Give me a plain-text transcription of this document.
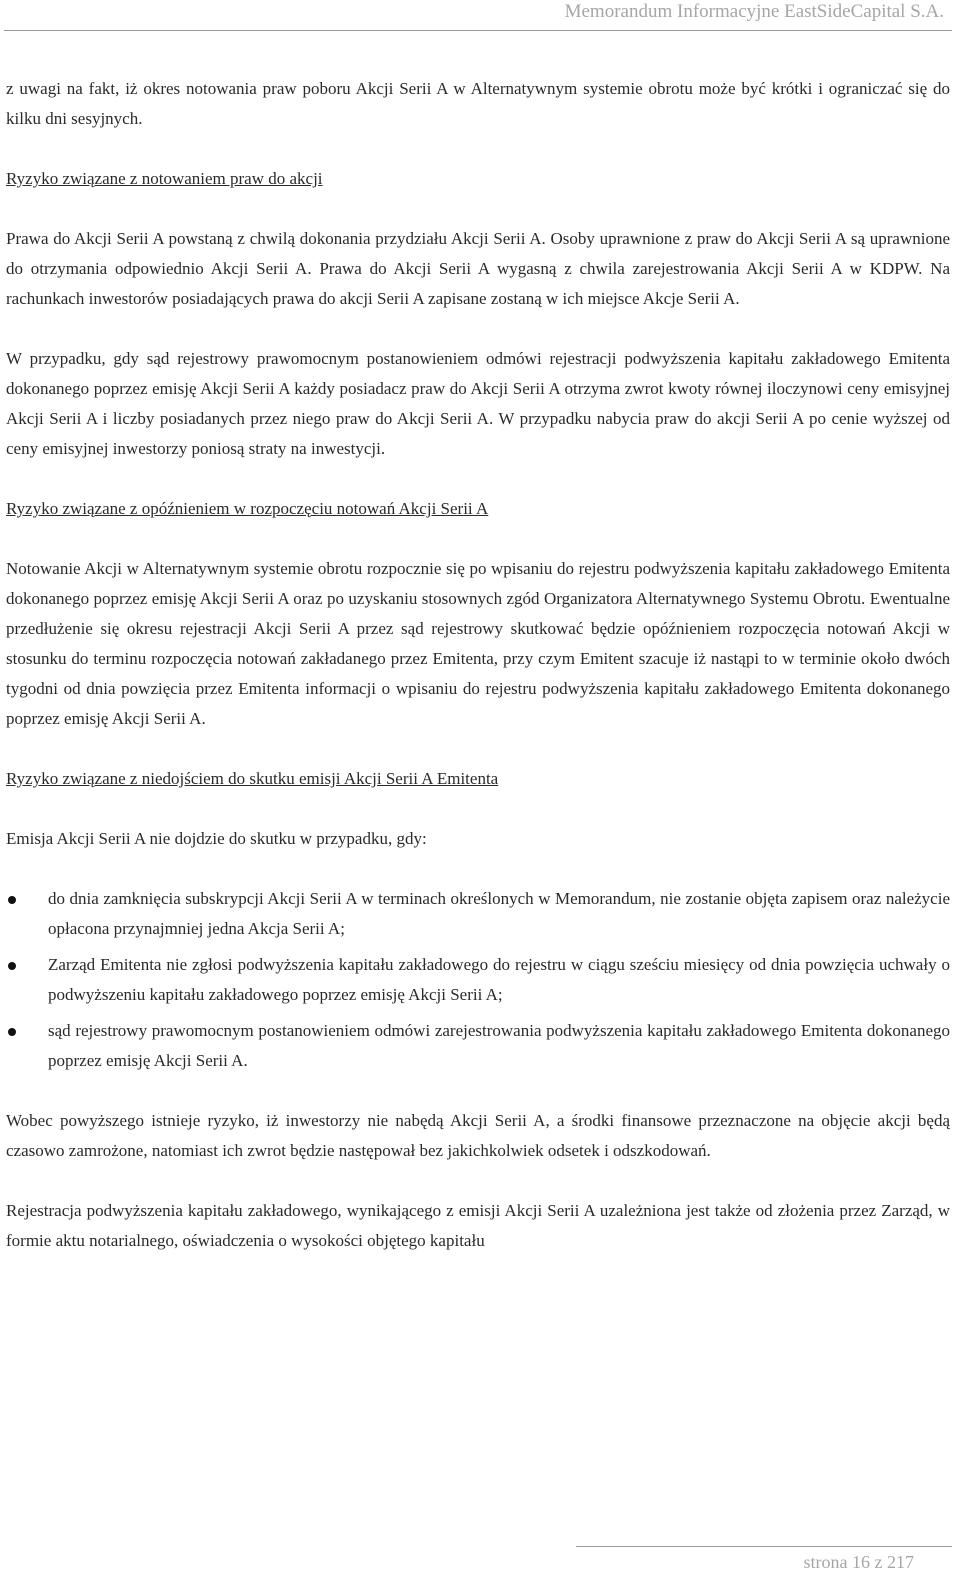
Memorandum Informacyjne EastSideCapital S.A.

z uwagi na fakt, iż okres notowania praw poboru Akcji Serii A w Alternatywnym systemie obrotu może być krótki i ograniczać się do kilku dni sesyjnych.

Ryzyko związane z notowaniem praw do akcji

Prawa do Akcji Serii A powstaną z chwilą dokonania przydziału Akcji Serii A. Osoby uprawnione z praw do Akcji Serii A są uprawnione do otrzymania odpowiednio Akcji Serii A. Prawa do Akcji Serii A wygasną z chwila zarejestrowania Akcji Serii A w KDPW. Na rachunkach inwestorów posiadających prawa do akcji Serii A zapisane zostaną w ich miejsce Akcje Serii A.

W przypadku, gdy sąd rejestrowy prawomocnym postanowieniem odmówi rejestracji podwyższenia kapitału zakładowego Emitenta dokonanego poprzez emisję Akcji Serii A każdy posiadacz praw do Akcji Serii A otrzyma zwrot kwoty równej iloczynowi ceny emisyjnej Akcji Serii A i liczby posiadanych przez niego praw do Akcji Serii A. W przypadku nabycia praw do akcji Serii A po cenie wyższej od ceny emisyjnej inwestorzy poniosą straty na inwestycji.

Ryzyko związane z opóźnieniem w rozpoczęciu notowań Akcji Serii A

Notowanie Akcji w Alternatywnym systemie obrotu rozpocznie się po wpisaniu do rejestru podwyższenia kapitału zakładowego Emitenta dokonanego poprzez emisję Akcji Serii A oraz po uzyskaniu stosownych zgód Organizatora Alternatywnego Systemu Obrotu. Ewentualne przedłużenie się okresu rejestracji Akcji Serii A przez sąd rejestrowy skutkować będzie opóźnieniem rozpoczęcia notowań Akcji w stosunku do terminu rozpoczęcia notowań zakładanego przez Emitenta, przy czym Emitent szacuje iż nastąpi to w terminie około dwóch tygodni od dnia powzięcia przez Emitenta informacji o wpisaniu do rejestru podwyższenia kapitału zakładowego Emitenta dokonanego poprzez emisję Akcji Serii A.

Ryzyko związane z niedojściem do skutku emisji Akcji Serii A Emitenta

Emisja Akcji Serii A nie dojdzie do skutku w przypadku, gdy:

do dnia zamknięcia subskrypcji Akcji Serii A w terminach określonych w Memorandum, nie zostanie objęta zapisem oraz należycie opłacona przynajmniej jedna Akcja Serii A;
Zarząd Emitenta nie zgłosi podwyższenia kapitału zakładowego do rejestru w ciągu sześciu miesięcy od dnia powzięcia uchwały o podwyższeniu kapitału zakładowego poprzez emisję Akcji Serii A;
sąd rejestrowy prawomocnym postanowieniem odmówi zarejestrowania podwyższenia kapitału zakładowego Emitenta dokonanego poprzez emisję Akcji Serii A.

Wobec powyższego istnieje ryzyko, iż inwestorzy nie nabędą Akcji Serii A, a środki finansowe przeznaczone na objęcie akcji będą czasowo zamrożone, natomiast ich zwrot będzie następował bez jakichkolwiek odsetek i odszkodowań.

Rejestracja podwyższenia kapitału zakładowego, wynikającego z emisji Akcji Serii A uzależniona jest także od złożenia przez Zarząd, w formie aktu notarialnego, oświadczenia o wysokości objętego kapitału

strona 16 z 217
